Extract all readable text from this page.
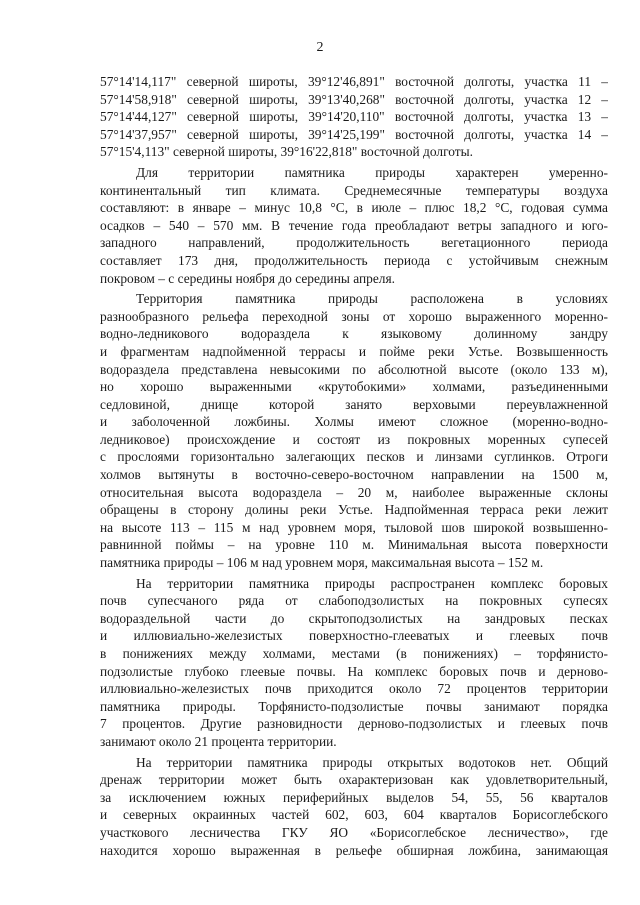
2
57°14'14,117" северной широты, 39°12'46,891" восточной долготы, участка 11 –
57°14'58,918" северной широты, 39°13'40,268" восточной долготы, участка 12 –
57°14'44,127" северной широты, 39°14'20,110" восточной долготы, участка 13 –
57°14'37,957" северной широты, 39°14'25,199" восточной долготы, участка 14 –
57°15'4,113" северной широты, 39°16'22,818" восточной долготы.
Для территории памятника природы характерен умеренно-
континентальный тип климата. Среднемесячные температуры воздуха
составляют: в январе – минус 10,8 °С, в июле – плюс 18,2 °С, годовая сумма
осадков – 540 – 570 мм. В течение года преобладают ветры западного и юго-
западного направлений, продолжительность вегетационного периода
составляет 173 дня, продолжительность периода с устойчивым снежным
покровом – с середины ноября до середины апреля.
Территория памятника природы расположена в условиях
разнообразного рельефа переходной зоны от хорошо выраженного моренно-
водно-ледникового водораздела к языковому долинному зандру
и фрагментам надпойменной террасы и пойме реки Устье. Возвышенность
водораздела представлена невысокими по абсолютной высоте (около 133 м),
но хорошо выраженными «крутобокими» холмами, разъединенными
седловиной, днище которой занято верховыми переувлажненной
и заболоченной ложбины. Холмы имеют сложное (моренно-водно-
ледниковое) происхождение и состоят из покровных моренных супесей
с прослоями горизонтально залегающих песков и линзами суглинков. Отроги
холмов вытянуты в восточно-северо-восточном направлении на 1500 м,
относительная высота водораздела – 20 м, наиболее выраженные склоны
обращены в сторону долины реки Устье. Надпойменная терраса реки лежит
на высоте 113 – 115 м над уровнем моря, тыловой шов широкой возвышенно-
равнинной поймы – на уровне 110 м. Минимальная высота поверхности
памятника природы – 106 м над уровнем моря, максимальная высота – 152 м.
На территории памятника природы распространен комплекс боровых
почв супесчаного ряда от слабоподзолистых на покровных супесях
водораздельной части до скрытоподзолистых на зандровых песках
и иллювиально-железистых поверхностно-глееватых и глеевых почв
в понижениях между холмами, местами (в понижениях) – торфянисто-
подзолистые глубоко глеевые почвы. На комплекс боровых почв и дерново-
иллювиально-железистых почв приходится около 72 процентов территории
памятника природы. Торфянисто-подзолистые почвы занимают порядка
7 процентов. Другие разновидности дерново-подзолистых и глеевых почв
занимают около 21 процента территории.
На территории памятника природы открытых водотоков нет. Общий
дренаж территории может быть охарактеризован как удовлетворительный,
за исключением южных периферийных выделов 54, 55, 56 кварталов
и северных окраинных частей 602, 603, 604 кварталов Борисоглебского
участкового лесничества ГКУ ЯО «Борисоглебское лесничество», где
находится хорошо выраженная в рельефе обширная ложбина, занимающая
